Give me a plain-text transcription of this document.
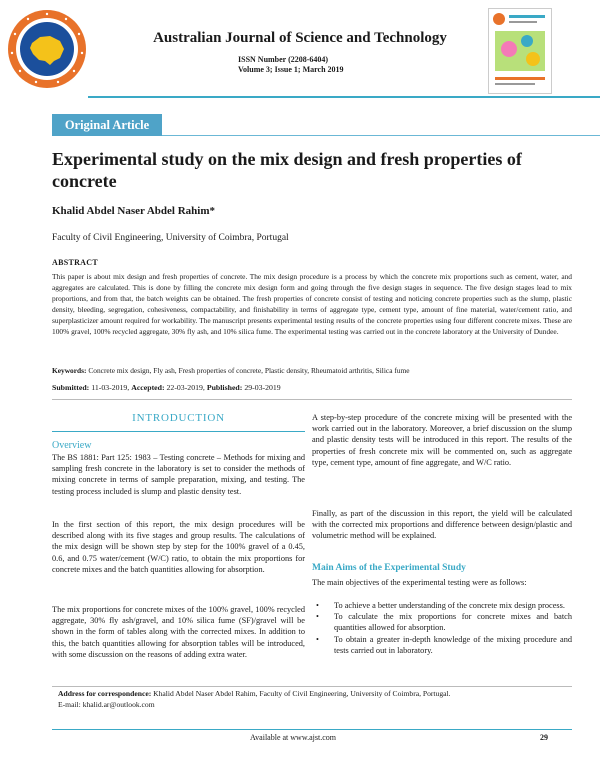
Australian Journal of Science and Technology
ISSN Number (2208-6404)
Volume 3; Issue 1; March 2019
Original Article
Experimental study on the mix design and fresh properties of concrete
Khalid Abdel Naser Abdel Rahim*
Faculty of Civil Engineering, University of Coimbra, Portugal
ABSTRACT
This paper is about mix design and fresh properties of concrete. The mix design procedure is a process by which the concrete mix proportions such as cement, water, and aggregates are calculated. This is done by filling the concrete mix design form and going through the five design stages in sequence. The five design stages lead to mix proportions, and from that, the batch weights can be obtained. The fresh properties of concrete consist of testing and noticing concrete properties such as the slump, plastic density, bleeding, segregation, cohesiveness, compactability, and finishability in terms of aggregate type, cement type, amount of fine material, water/cement ratio, and superplasticizer amount required for workability. The manuscript presents experimental testing results of the concrete properties using four different concrete mixes. These are 100% gravel, 100% recycled aggregate, 30% fly ash, and 10% silica fume. The experimental testing was carried out in the concrete laboratory at the University of Dundee.
Keywords: Concrete mix design, Fly ash, Fresh properties of concrete, Plastic density, Rheumatoid arthritis, Silica fume
Submitted: 11-03-2019, Accepted: 22-03-2019, Published: 29-03-2019
INTRODUCTION
Overview
The BS 1881: Part 125: 1983 – Testing concrete – Methods for mixing and sampling fresh concrete in the laboratory is set to consider the methods of mixing concrete in terms of sample preparation, mixing, and testing. The testing process included is slump and plastic density test.
In the first section of this report, the mix design procedures will be described along with its five stages and group results. The calculations of the mix design will be shown step by step for the 100% gravel of a 0.45, 0.6, and 0.75 water/cement (W/C) ratio, to obtain the mix proportions for concrete mixes and the batch quantities allowing for absorption.
The mix proportions for concrete mixes of the 100% gravel, 100% recycled aggregate, 30% fly ash/gravel, and 10% silica fume (SF)/gravel will be shown in the form of tables along with the corrected mixes. In addition to this, the batch quantities allowing for absorption tables will be introduced, with some discussion on the reasons of adding extra water.
A step-by-step procedure of the concrete mixing will be presented with the work carried out in the laboratory. Moreover, a brief discussion on the slump and plastic density tests will be introduced in this report. The results of the properties of fresh concrete mix will be commented on, such as aggregate type, cement type, amount of fine aggregate, and W/C ratio.
Finally, as part of the discussion in this report, the yield will be calculated with the corrected mix proportions and difference between design/plastic and volumetric method will be explained.
Main Aims of the Experimental Study
The main objectives of the experimental testing were as follows:
• To achieve a better understanding of the concrete mix design process.
• To calculate the mix proportions for concrete mixes and batch quantities allowed for absorption.
• To obtain a greater in-depth knowledge of the mixing procedure and tests carried out in laboratory.
Address for correspondence: Khalid Abdel Naser Abdel Rahim, Faculty of Civil Engineering, University of Coimbra, Portugal.
E-mail: khalid.ar@outlook.com
Available at www.ajst.com	29
